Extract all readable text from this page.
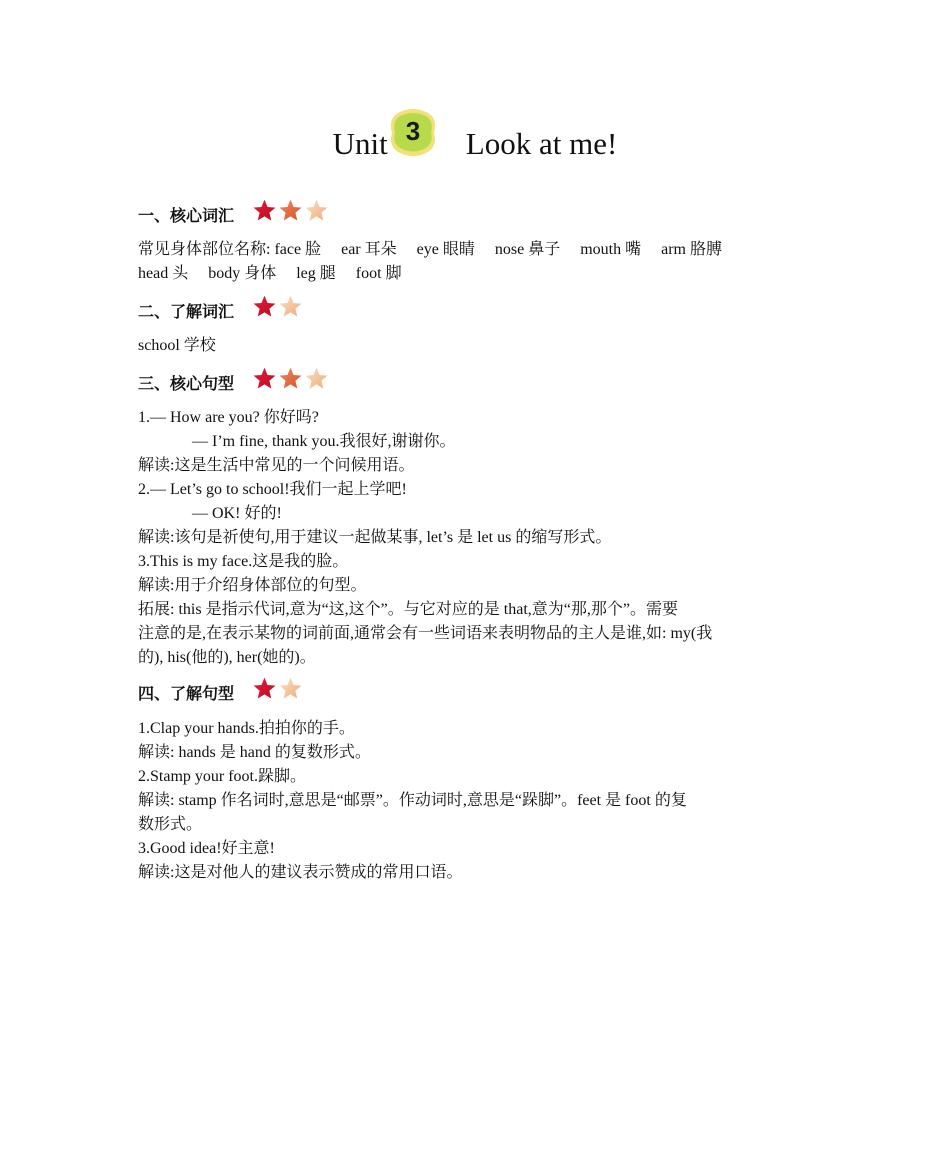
Unit 3 Look at me!
一、核心词汇
常见身体部位名称: face 脸 ear 耳朵 eye 眼睛 nose 鼻子 mouth 嘴 arm 胳膊
head 头 body 身体 leg 腿 foot 脚
二、了解词汇
school 学校
三、核心句型
1.— How are you? 你好吗?
— I’m fine, thank you.我很好,谢谢你。
解读:这是生活中常见的一个问候用语。
2.— Let’s go to school!我们一起上学吧!
— OK! 好的!
解读:该句是祈使句,用于建议一起做某事, let’s 是 let us 的缩写形式。
3.This is my face.这是我的脸。
解读:用于介绍身体部位的句型。
拓展: this 是指示代词,意为“这,这个”。与它对应的是 that,意为“那,那个”。需要
注意的是,在表示某物的词前面,通常会有一些词语来表明物品的主人是谁,如: my(我
的), his(他的), her(她的)。
四、了解句型
1.Clap your hands.拍拍你的手。
解读: hands 是 hand 的复数形式。
2.Stamp your foot.跺脚。
解读: stamp 作名词时,意思是“邮票”。作动词时,意思是“跺脚”。feet 是 foot 的复
数形式。
3.Good idea!好主意!
解读:这是对他人的建议表示赞成的常用口语。
